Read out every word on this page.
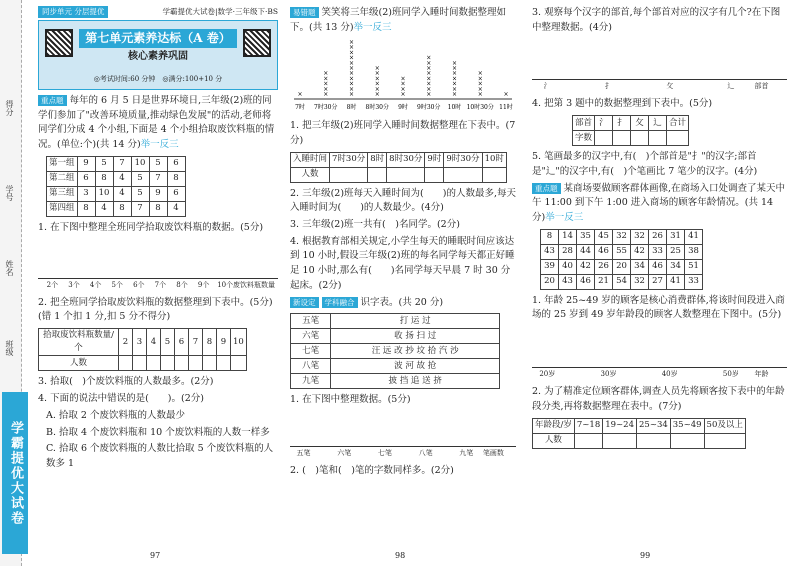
得分
学号
姓名
班级
学霸提优大试卷
同步单元 分层提优	学霸提优大试卷|数学·三年级下·BS
第七单元素养达标（A 卷）
核心素养巩固
◎考试时间:60 分钟　◎满分:100+10 分

重点题 每年的 6 月 5 日是世界环境日,三年级(2)班的同学们参加了"改善环境质量,推动绿色发展"的活动,老师将同学们分成 4 个小组,下面是 4 个小组拾取废饮料瓶的情况。(单位:个)(共 14 分)举一反三

第一组	9	5	7	10	5	6
第二组	6	8	4	5	7	8
第三组	3	10	4	5	9	6
第四组	8	4	8	7	8	4

1. 在下图中整理全班同学拾取废饮料瓶的数据。(5分)

2个 3个 4个 5个 6个 7个 8个 9个 10个 废饮料瓶数量

2. 把全班同学拾取废饮料瓶的数据整理到下表中。(5分)(错 1 个扣 1 分,扣 5 分不得分)

拾取废饮料瓶数量/个	2	3	4	5	6	7	8	9	10
人数									

3. 拾取(　)个废饮料瓶的人数最多。(2分)

4. 下面的说法中错误的是(　　)。(2分)

A. 拾取 2 个废饮料瓶的人数最少

B. 拾取 4 个废饮料瓶和 10 个废饮料瓶的人数一样多

C. 拾取 6 个废饮料瓶的人数比拾取 5 个废饮料瓶的人数多 1

97

易错题 笑笑将三年级(2)班同学入睡时间数据整理如下。(共 13 分)举一反三

×
7时
×
×
×
×
×
7时30分
×
×
×
×
×
×
×
×
×
×
×
8时
×
×
×
×
×
×
8时30分
×
×
×
×
9时
×
×
×
×
×
×
×
×
9时30分
×
×
×
×
×
×
×
10时
×
×
×
×
×
10时30分
×
11时

1. 把三年级(2)班同学入睡时间数据整理在下表中。(7分)

入睡时间	7时30分	8时	8时30分	9时	9时30分	10时
人数						

2. 三年级(2)班每天入睡时间为(　　)的人数最多,每天入睡时间为(　　)的人数最少。(4分)

3. 三年级(2)班一共有(　)名同学。(2分)

4. 根据教育部相关规定,小学生每天的睡眠时间应该达到 10 小时,假设三年级(2)班的每名同学每天都正好睡足 10 小时,那么有(　　)名同学每天早晨 7 时 30 分起床。(2分)

新设定 学科融合 识字表。(共 20 分)

五笔	打 运 过
六笔	收 扬 扫 过
七笔	汪 远 改 抄 坟 拾 汽 沙
八笔	波 河 故 抢
九笔	披 挡 追 送 挤

1. 在下图中整理数据。(5分)

五笔	六笔	七笔	八笔	九笔 笔画数

2. (　)笔和(　)笔的字数同样多。(2分)

98

3. 观察每个汉字的部首,每个部首对应的汉字有几个?在下图中整理数据。(4分)

氵	扌	攵	辶	部首

4. 把第 3 题中的数据整理到下表中。(5分)

部首	氵	扌	攵	辶	合计
字数					

5. 笔画最多的汉字中,有(　)个部首是"扌"的汉字;部首是"辶"的汉字中,有(　)个笔画比 7 笔少的汉字。(4分)

重点题 某商场要做顾客群体画像,在商场入口处调查了某天中午 11:00 到下午 1:00 进入商场的顾客年龄情况。(共 14 分)举一反三

8	14	35	45	32	32	26	31	41
43	28	44	46	55	42	33	25	38
39	40	42	26	20	34	46	34	51
20	43	46	21	54	32	27	41	33

1. 年龄 25~49 岁的顾客是核心消费群体,将该时间段进入商场的 25 岁到 49 岁年龄段的顾客人数整理在下图中。(5分)

20岁	30岁	40岁	50岁 年龄

2. 为了精准定位顾客群体,调查人员先将顾客按下表中的年龄段分类,再将数据整理在表中。(7分)

年龄段/岁	7~18	19~24	25~34	35~49	50及以上
人数					
99
